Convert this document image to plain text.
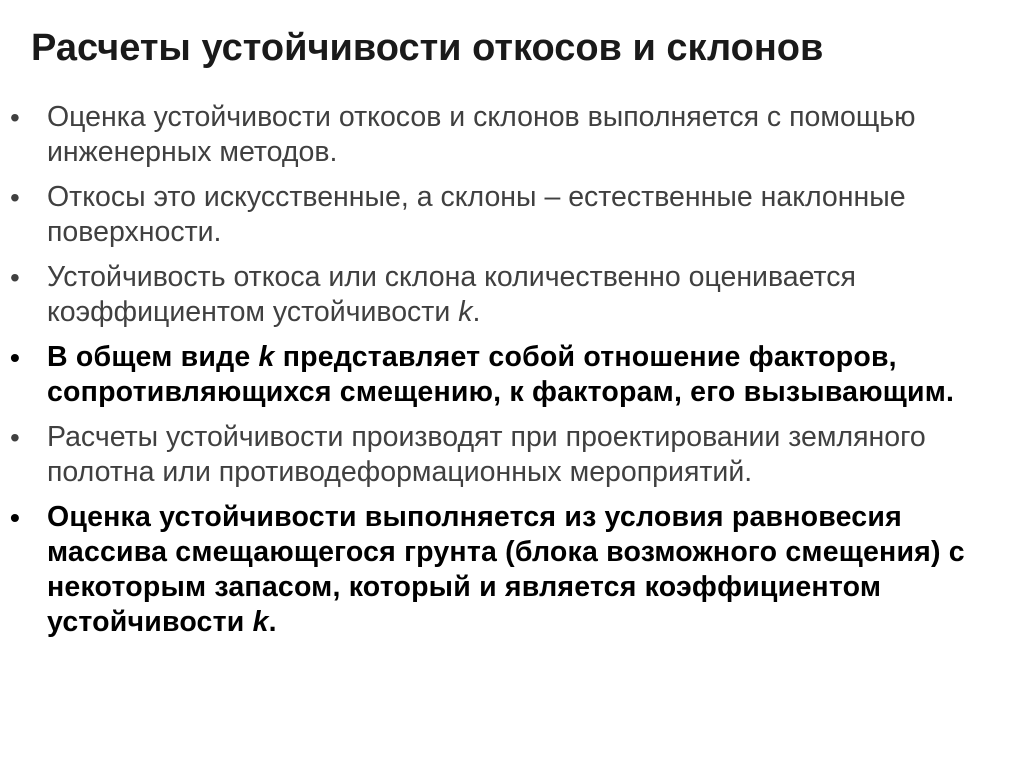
Расчеты устойчивости откосов и склонов
• Оценка устойчивости откосов и склонов выполняется с помощью инженерных методов.
• Откосы это искусственные, а склоны – естественные наклонные поверхности.
• Устойчивость откоса или склона количественно оценивается коэффициентом устойчивости k.
• В общем виде k представляет собой отношение факторов, сопротивляющихся смещению, к факторам, его вызывающим.
• Расчеты устойчивости производят при проектировании земляного полотна или противодеформационных мероприятий.
• Оценка устойчивости выполняется из условия равновесия массива смещающегося грунта (блока возможного смещения) с некоторым запасом, который и является коэффициентом устойчивости k.
